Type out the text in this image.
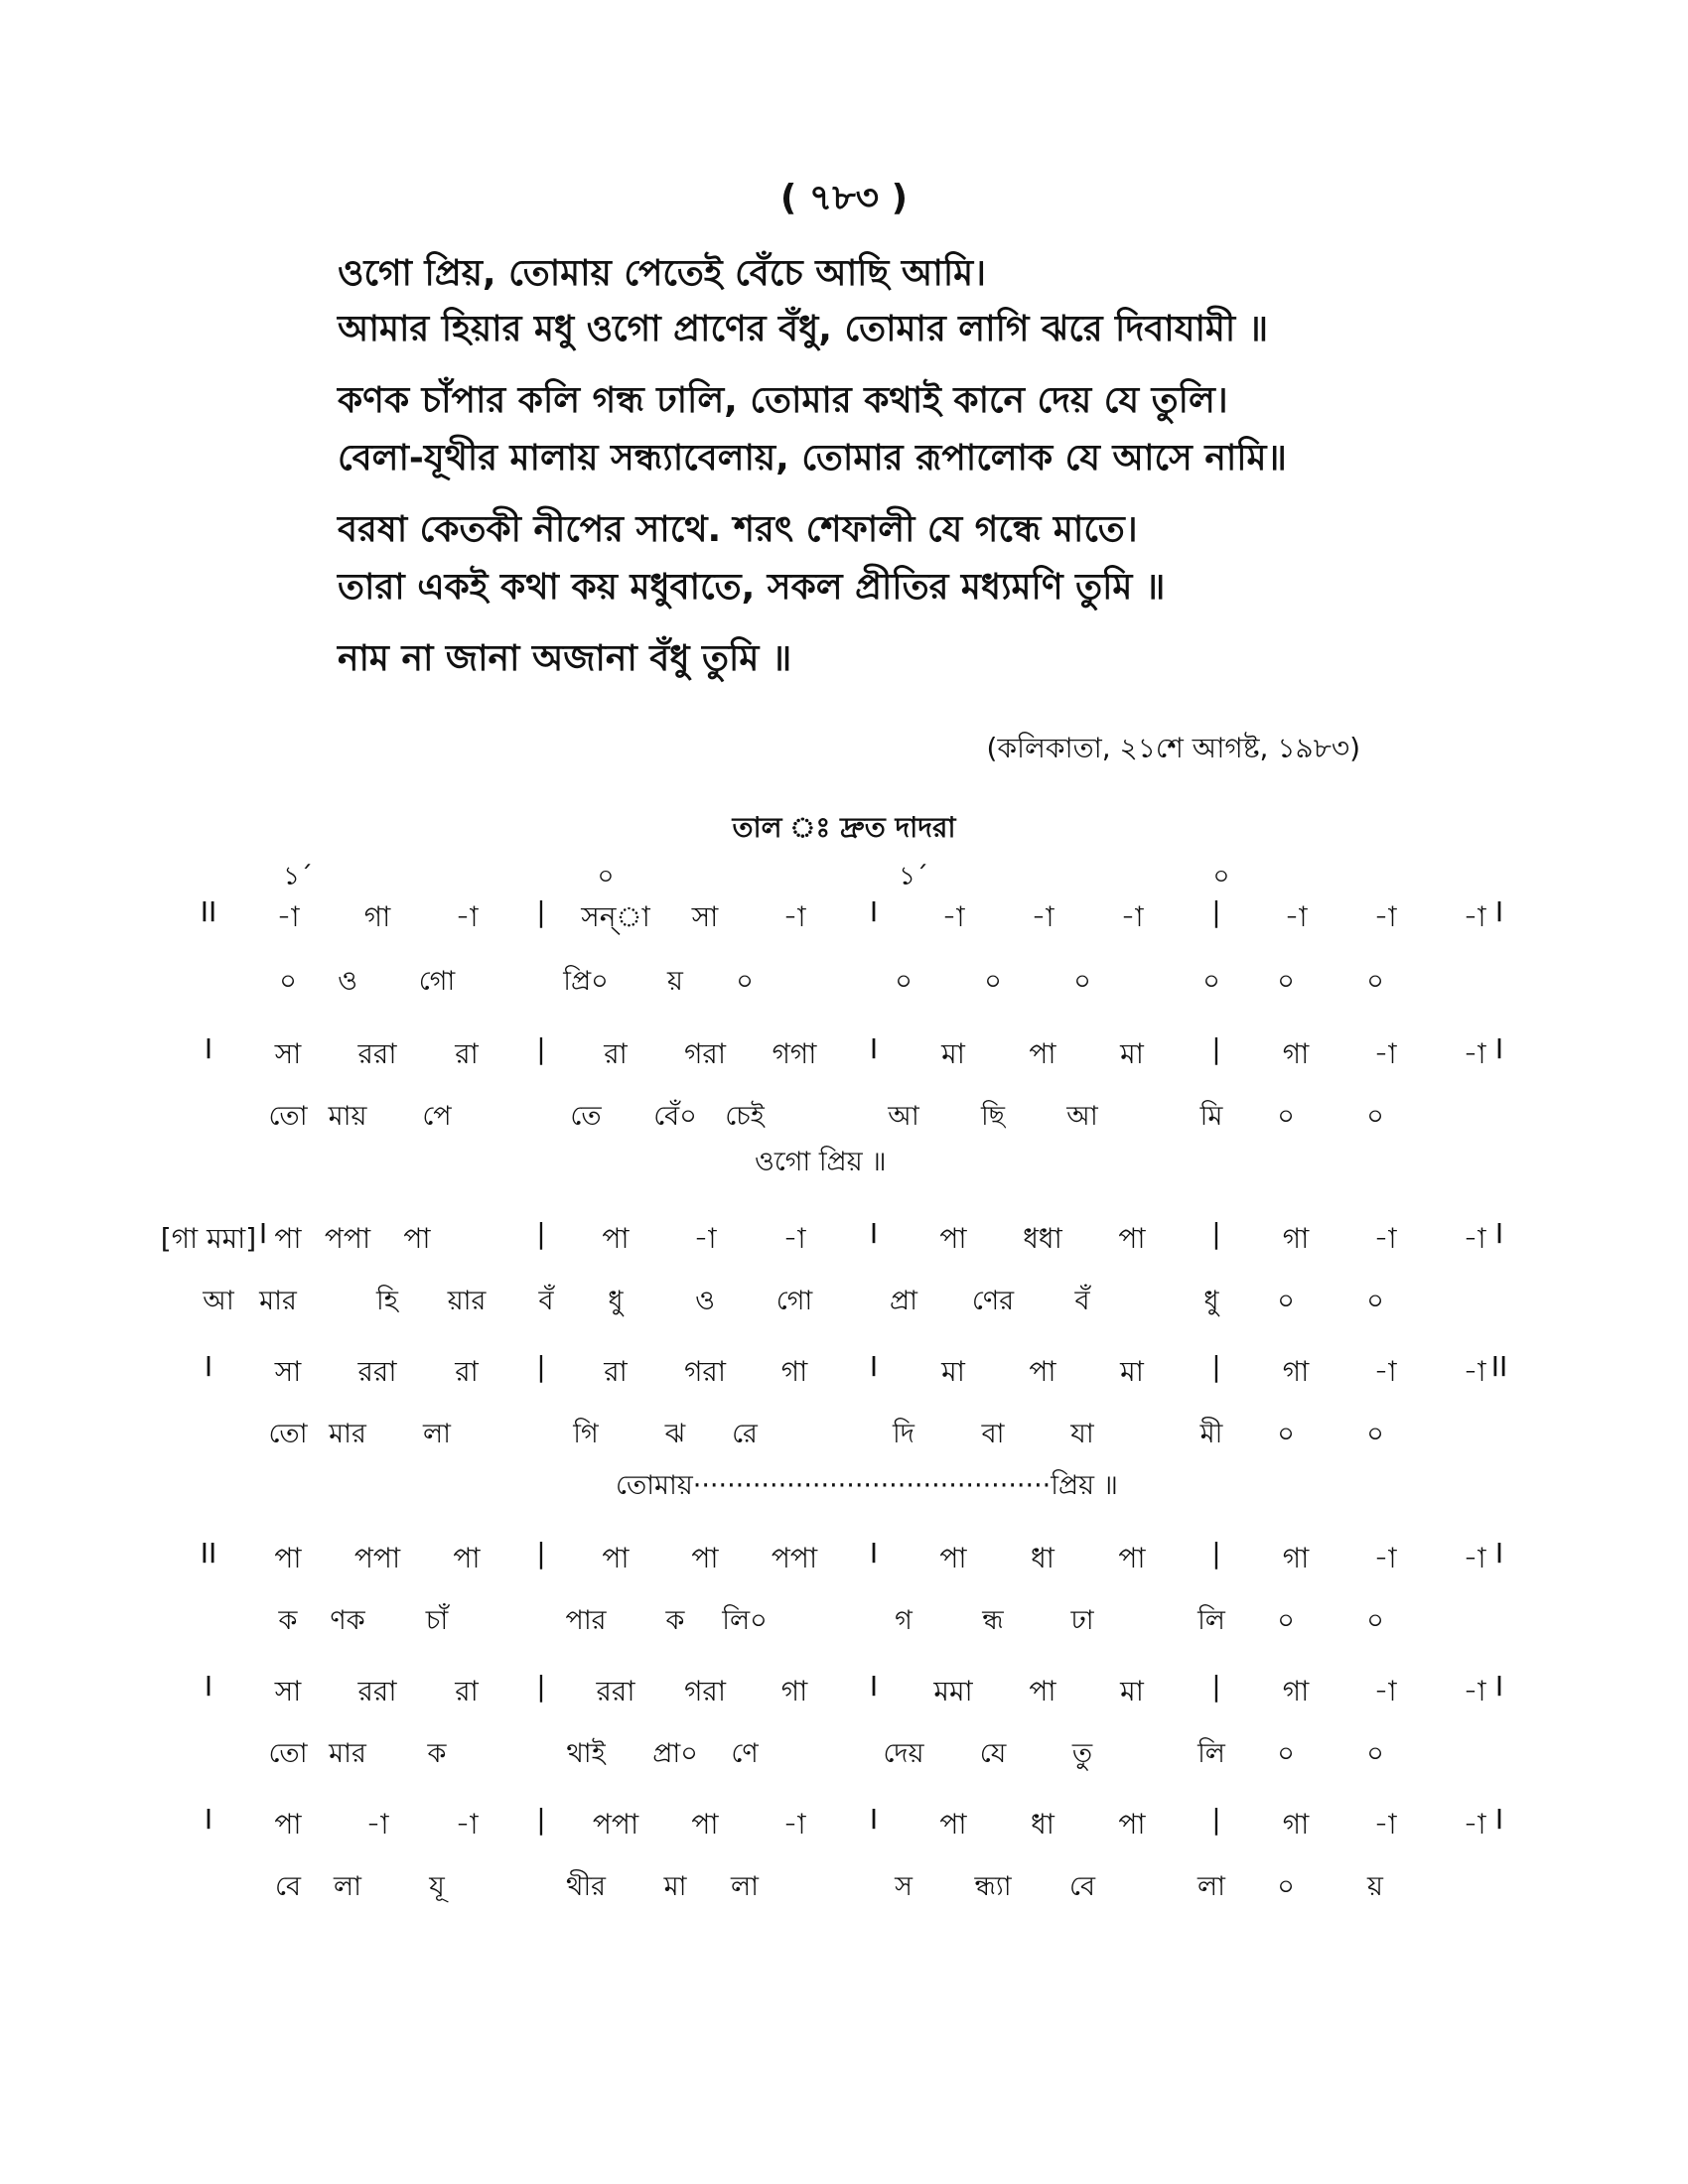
( ৭৮৩ )
ওগো প্রিয়, তোমায় পেতেই বেঁচে আছি আমি।
আমার হিয়ার মধু ওগো প্রাণের বঁধু, তোমার লাগি ঝরে দিবাযামী ॥
কণক চাঁপার কলি গন্ধ ঢালি, তোমার কথাই কানে দেয় যে তুলি।
বেলা-যূথীর মালায় সন্ধ্যাবেলায়, তোমার রূপালোক যে আসে নামি॥
বরষা কেতকী নীপের সাথে. শরৎ শেফালী যে গন্ধে মাতে।
তারা একই কথা কয় মধুবাতে, সকল প্রীতির মধ্যমণি তুমি ॥
নাম না জানা অজানা বঁধু তুমি ॥
(কলিকাতা, ২১শে আগষ্ট, ১৯৮৩)
তাল ঃ দ্রুত দাদরা
১´	০	১´	০
II -া গা -া | সন্া সা -া I -া -া -া | -া -া -া I
০ ও গো	প্রি০ য় ০	০	০	০	০ ০	০
I সা ররা রা | রা গরা গগা I মা পা মা | গা -া -া I
তো মায় পে	তে বেঁ০ চেই	আ ছি আ	মি ০	০
[গা মমা] I পা পপা পা	| পা -া -া I পা ধধা পা | গা -া -া I
আ মার	হি য়ার বঁ ধু	ও গো	প্রা ণের বঁ	ধু ০	০
I সা ররা রা | রা গরা গা I মা পা মা | গা -া -া II
তো মার লা	গি ঝ রে	দি	বা যা	মী ০	০
II পা পপা পা | পা পা পপা I পা ধা পা | গা -া -া I
ক ণক চাঁ	পার ক লি০	গ	ন্ধ	ঢা	লি ০	০
I সা ররা রা | ররা গরা গা I মমা পা মা | গা -া -া I
তো মার ক	থাই প্রা০ ণে	দেয় যে তু	লি ০	০
I পা -া -া | পপা পা -া I পা ধা পা | গা -া -া I
বে লা	যূ	থীর মা লা	স ন্ধ্যা বে	লা ০	য়
ওগো প্রিয় ॥
তোমায়··········································প্রিয় ॥
